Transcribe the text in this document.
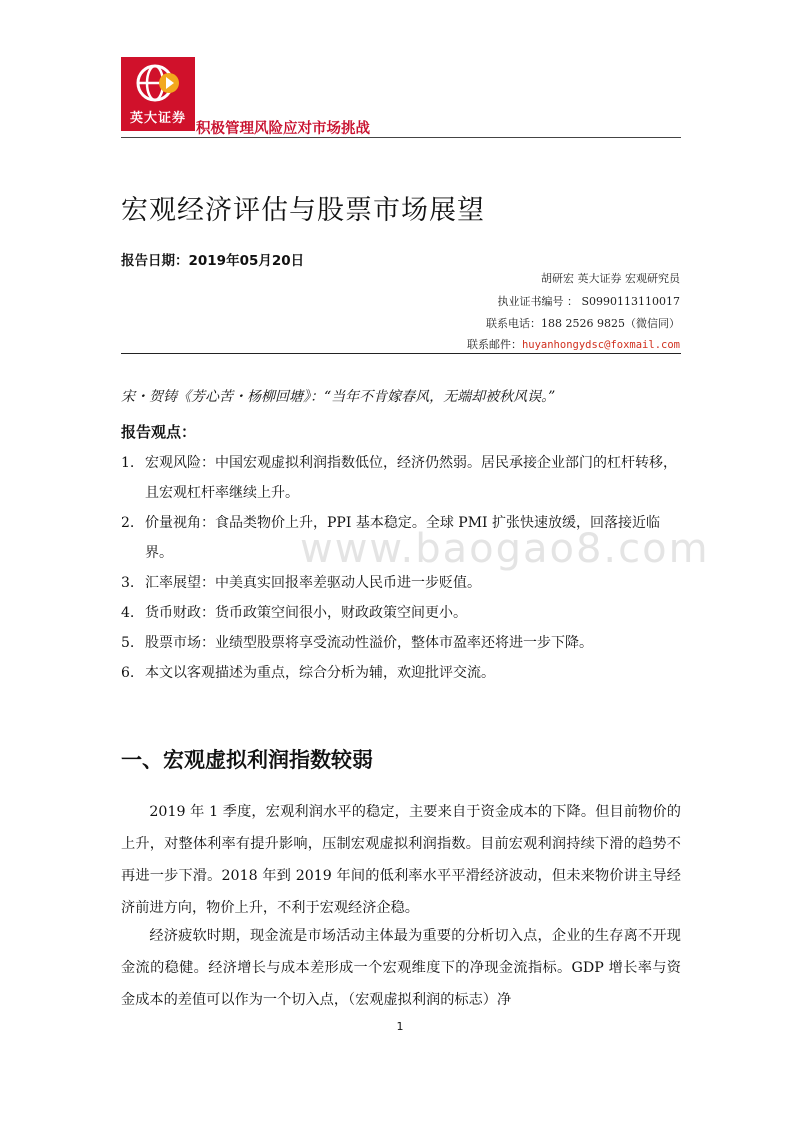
英大证券
积极管理风险应对市场挑战
宏观经济评估与股票市场展望
报告日期：2019年05月20日
胡研宏 英大证券 宏观研究员
执业证书编号 ： S0990113110017
联系电话：188 2526 9825（微信同）
联系邮件：huyanhongydsc@foxmail.com
宋・贺铸《芳心苦・杨柳回塘》：“当年不肯嫁春风，无端却被秋风误。”
报告观点：
1. 宏观风险：中国宏观虚拟利润指数低位，经济仍然弱。居民承接企业部门的杠杆转移，且宏观杠杆率继续上升。
2. 价量视角：食品类物价上升，PPI 基本稳定。全球 PMI 扩张快速放缓，回落接近临界。
3. 汇率展望：中美真实回报率差驱动人民币进一步贬值。
4. 货币财政：货币政策空间很小，财政政策空间更小。
5. 股票市场：业绩型股票将享受流动性溢价，整体市盈率还将进一步下降。
6. 本文以客观描述为重点，综合分析为辅，欢迎批评交流。
www.baogao8.com
一、宏观虚拟利润指数较弱

2019 年 1 季度，宏观利润水平的稳定，主要来自于资金成本的下降。但目前物价的上升，对整体利率有提升影响，压制宏观虚拟利润指数。目前宏观利润持续下滑的趋势不再进一步下滑。2018 年到 2019 年间的低利率水平平滑经济波动，但未来物价讲主导经济前进方向，物价上升，不利于宏观经济企稳。

经济疲软时期，现金流是市场活动主体最为重要的分析切入点，企业的生存离不开现金流的稳健。经济增长与成本差形成一个宏观维度下的净现金流指标。GDP 增长率与资金成本的差值可以作为一个切入点，（宏观虚拟利润的标志）净

1
